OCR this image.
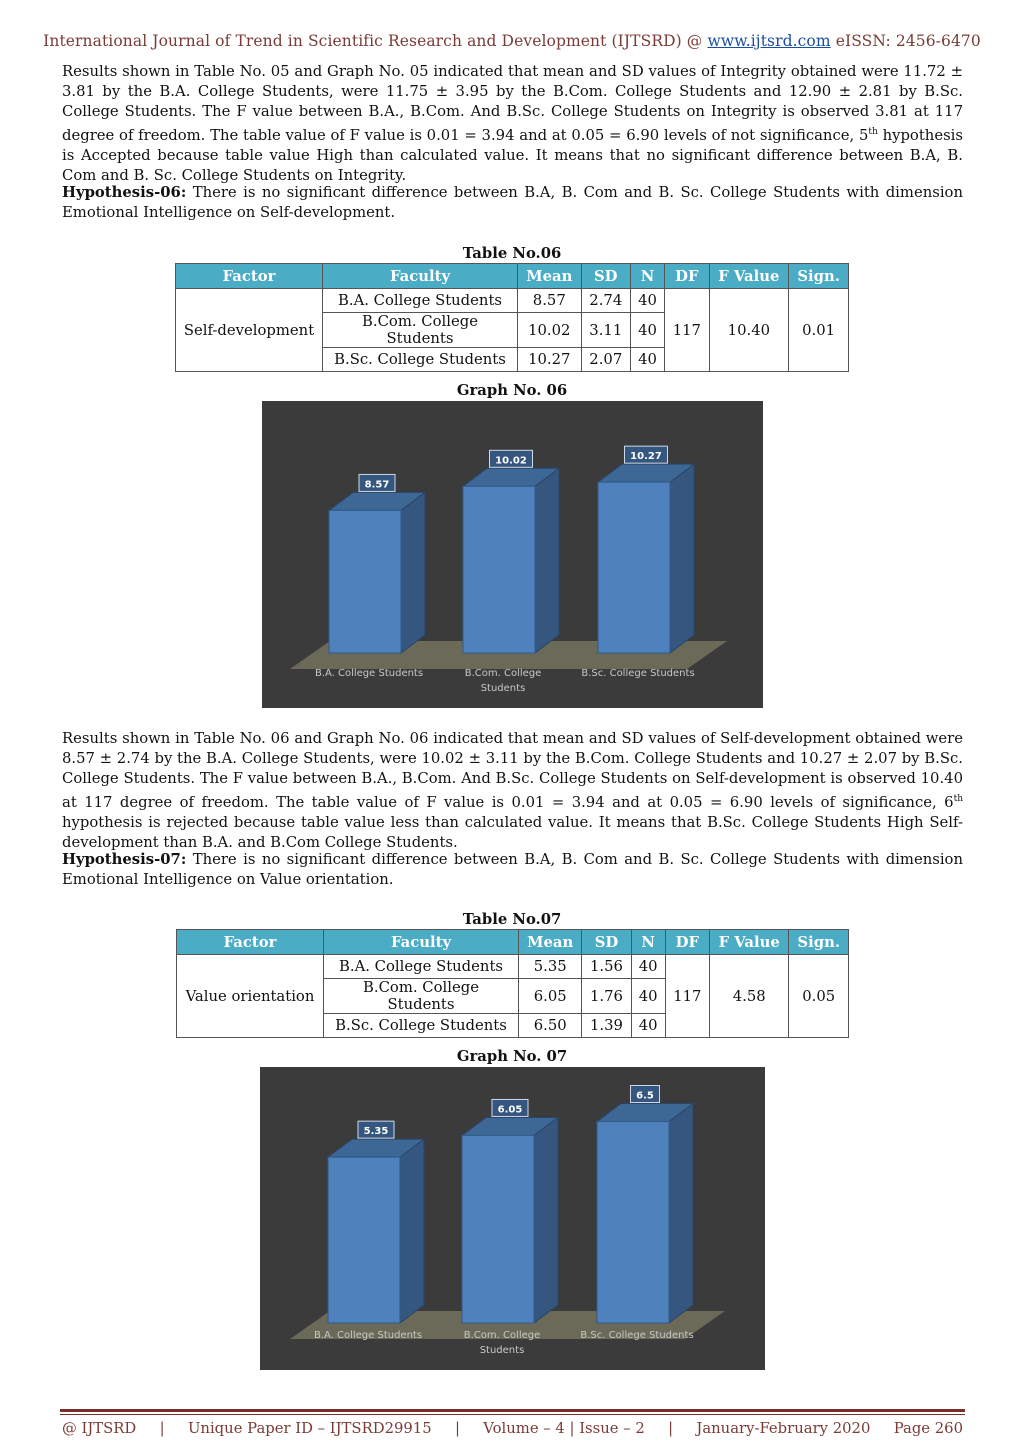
International Journal of Trend in Scientific Research and Development (IJTSRD) @ www.ijtsrd.com eISSN: 2456-6470

Results shown in Table No. 05 and Graph No. 05 indicated that mean and SD values of Integrity obtained were 11.72 ± 3.81 by the B.A. College Students, were 11.75 ± 3.95 by the B.Com. College Students and 12.90 ± 2.81 by B.Sc. College Students. The F value between B.A., B.Com. And B.Sc. College Students on Integrity is observed 3.81 at 117 degree of freedom. The table value of F value is 0.01 = 3.94 and at 0.05 = 6.90 levels of not significance, 5th hypothesis is Accepted because table value High than calculated value. It means that no significant difference between B.A, B. Com and B. Sc. College Students on Integrity.

Hypothesis-06: There is no significant difference between B.A, B. Com and B. Sc. College Students with dimension Emotional Intelligence on Self-development.

Table No.06
Factor	Faculty	Mean	SD	N	DF	F Value	Sign.
Self-development	B.A. College Students	8.57	2.74	40	117	10.40	0.01
	B.Com. College Students	10.02	3.11	40			
	B.Sc. College Students	10.27	2.07	40			
Graph No. 06
8.57
B.A. College Students
10.02
B.Com. College
Students
10.27
B.Sc. College Students

Results shown in Table No. 06 and Graph No. 06 indicated that mean and SD values of Self-development obtained were 8.57 ± 2.74 by the B.A. College Students, were 10.02 ± 3.11 by the B.Com. College Students and 10.27 ± 2.07 by B.Sc. College Students. The F value between B.A., B.Com. And B.Sc. College Students on Self-development is observed 10.40 at 117 degree of freedom. The table value of F value is 0.01 = 3.94 and at 0.05 = 6.90 levels of significance, 6th hypothesis is rejected because table value less than calculated value. It means that B.Sc. College Students High Self-development than B.A. and B.Com College Students.

Hypothesis-07: There is no significant difference between B.A, B. Com and B. Sc. College Students with dimension Emotional Intelligence on Value orientation.

Table No.07
Factor	Faculty	Mean	SD	N	DF	F Value	Sign.
Value orientation	B.A. College Students	5.35	1.56	40	117	4.58	0.05
	B.Com. College Students	6.05	1.76	40			
	B.Sc. College Students	6.50	1.39	40			
Graph No. 07
5.35
B.A. College Students
6.05
B.Com. College
Students
6.5
B.Sc. College Students
@ IJTSRD | Unique Paper ID – IJTSRD29915 | Volume – 4 | Issue – 2 | January-February 2020 Page 260
